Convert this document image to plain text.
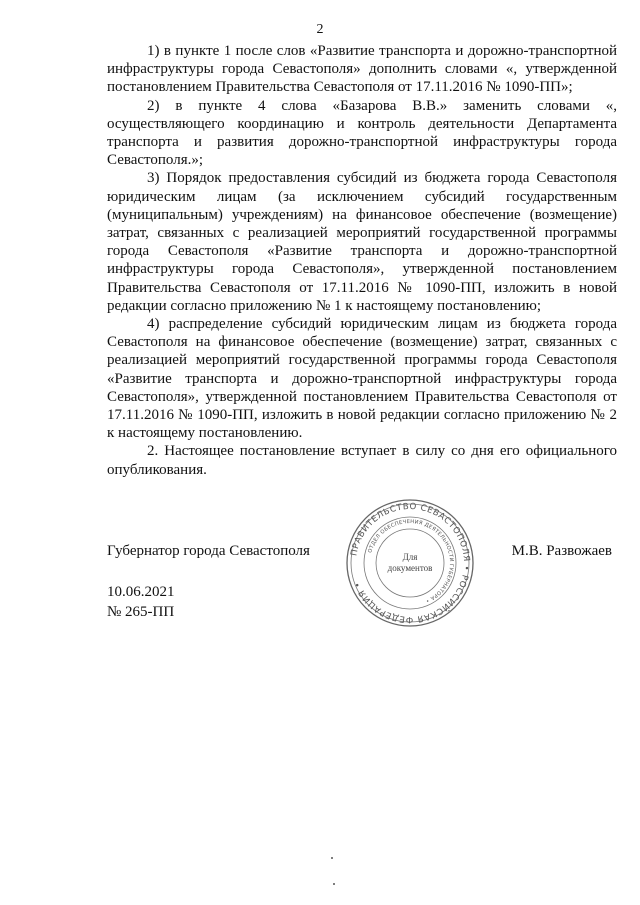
2

1) в пункте 1 после слов «Развитие транспорта и дорожно-транспортной инфраструктуры города Севастополя» дополнить словами «, утвержденной постановлением Правительства Севастополя от 17.11.2016 № 1090-ПП»;

2) в пункте 4 слова «Базарова В.В.» заменить словами «, осуществляющего координацию и контроль деятельности Департамента транспорта и развития дорожно-транспортной инфраструктуры города Севастополя.»;

3) Порядок предоставления субсидий из бюджета города Севастополя юридическим лицам (за исключением субсидий государственным (муниципальным) учреждениям) на финансовое обеспечение (возмещение) затрат, связанных с реализацией мероприятий государственной программы города Севастополя «Развитие транспорта и дорожно-транспортной инфраструктуры города Севастополя», утвержденной постановлением Правительства Севастополя от 17.11.2016 № 1090-ПП, изложить в новой редакции согласно приложению № 1 к настоящему постановлению;

4) распределение субсидий юридическим лицам из бюджета города Севастополя на финансовое обеспечение (возмещение) затрат, связанных с реализацией мероприятий государственной программы города Севастополя «Развитие транспорта и дорожно-транспортной инфраструктуры города Севастополя», утвержденной постановлением Правительства Севастополя от 17.11.2016 № 1090-ПП, изложить в новой редакции согласно приложению № 2 к настоящему постановлению.

2. Настоящее постановление вступает в силу со дня его официального опубликования.

Губернатор города Севастополя	М.В. Развожаев
10.06.2021
№ 265-ПП
ПРАВИТЕЛЬСТВО СЕВАСТОПОЛЯ • РОССИЙСКАЯ ФЕДЕРАЦИЯ •
ОТДЕЛ ОБЕСПЕЧЕНИЯ ДЕЯТЕЛЬНОСТИ ГУБЕРНАТОРА •
Для
документов
